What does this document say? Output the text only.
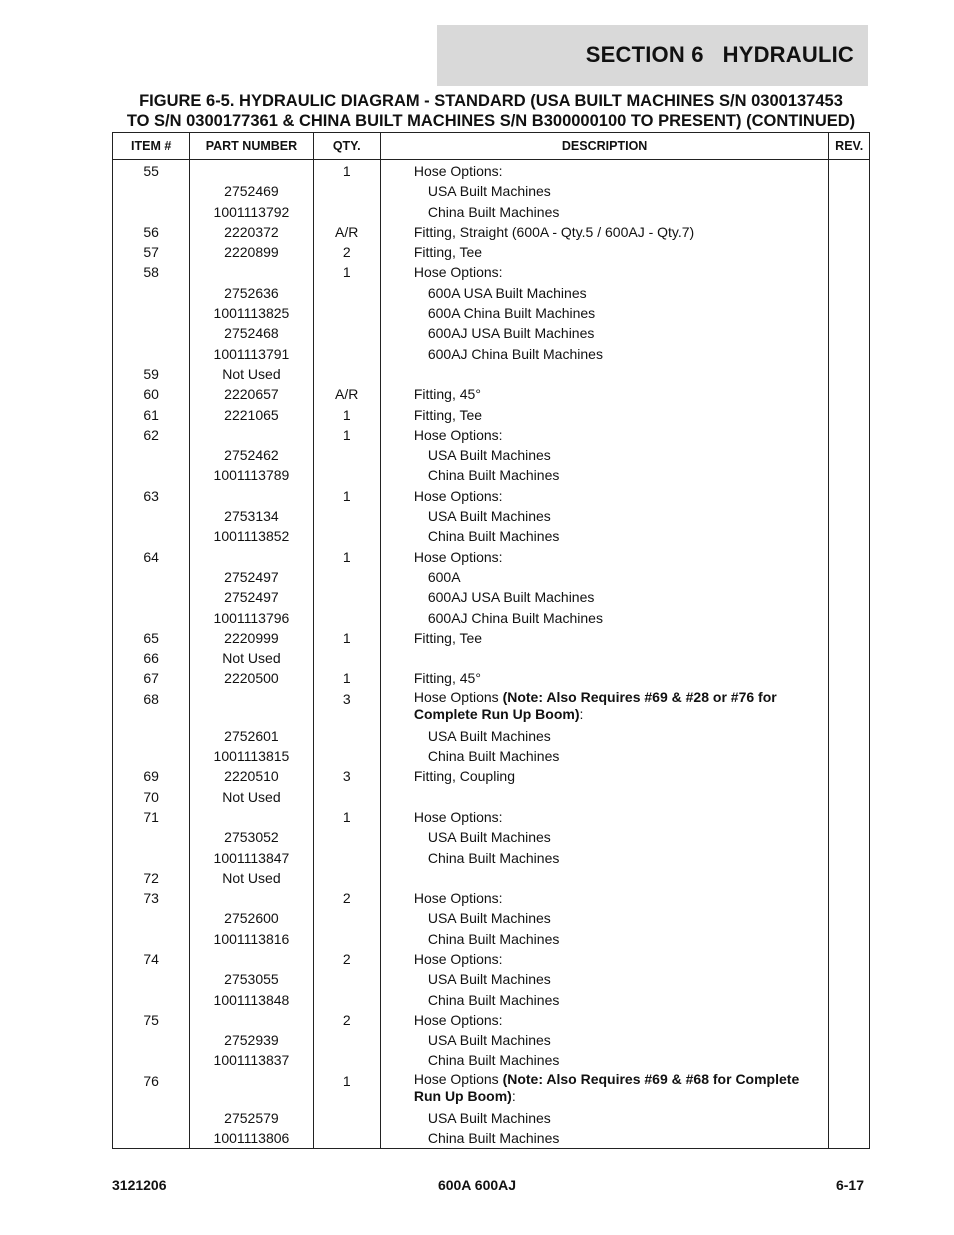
SECTION 6   HYDRAULIC
FIGURE 6-5. HYDRAULIC DIAGRAM - STANDARD (USA BUILT MACHINES S/N 0300137453
TO S/N 0300177361 & CHINA BUILT MACHINES S/N B300000100 TO PRESENT) (CONTINUED)
ITEM #	PART NUMBER	QTY.	DESCRIPTION	REV.
55		1	Hose Options:	

	2752469		USA Built Machines	

	1001113792		China Built Machines	

56	2220372	A/R	Fitting, Straight (600A - Qty.5 / 600AJ - Qty.7)	

57	2220899	2	Fitting, Tee	

58		1	Hose Options:	

	2752636		600A USA Built Machines	

	1001113825		600A China Built Machines	

	2752468		600AJ USA Built Machines	

	1001113791		600AJ China Built Machines	

59	Not Used		

60	2220657	A/R	Fitting, 45°	

61	2221065	1	Fitting, Tee	

62		1	Hose Options:	

	2752462		USA Built Machines	

	1001113789		China Built Machines	

63		1	Hose Options:	

	2753134		USA Built Machines	

	1001113852		China Built Machines	

64		1	Hose Options:	

	2752497		600A	

	2752497		600AJ USA Built Machines	

	1001113796		600AJ China Built Machines	

65	2220999	1	Fitting, Tee	

66	Not Used		

67	2220500	1	Fitting, 45°	

68		3	Hose Options (Note: Also Requires #69 & #28 or #76 for Complete Run Up Boom):	

	2752601		USA Built Machines	

	1001113815		China Built Machines	

69	2220510	3	Fitting, Coupling	

70	Not Used		

71		1	Hose Options:	

	2753052		USA Built Machines	

	1001113847		China Built Machines	

72	Not Used		

73		2	Hose Options:	

	2752600		USA Built Machines	

	1001113816		China Built Machines	

74		2	Hose Options:	

	2753055		USA Built Machines	

	1001113848		China Built Machines	

75		2	Hose Options:	

	2752939		USA Built Machines	

	1001113837		China Built Machines	

76		1	Hose Options (Note: Also Requires #69 & #68 for Complete Run Up Boom):	

	2752579		USA Built Machines	

	1001113806		China Built Machines	

3121206	600A 600AJ	6-17
